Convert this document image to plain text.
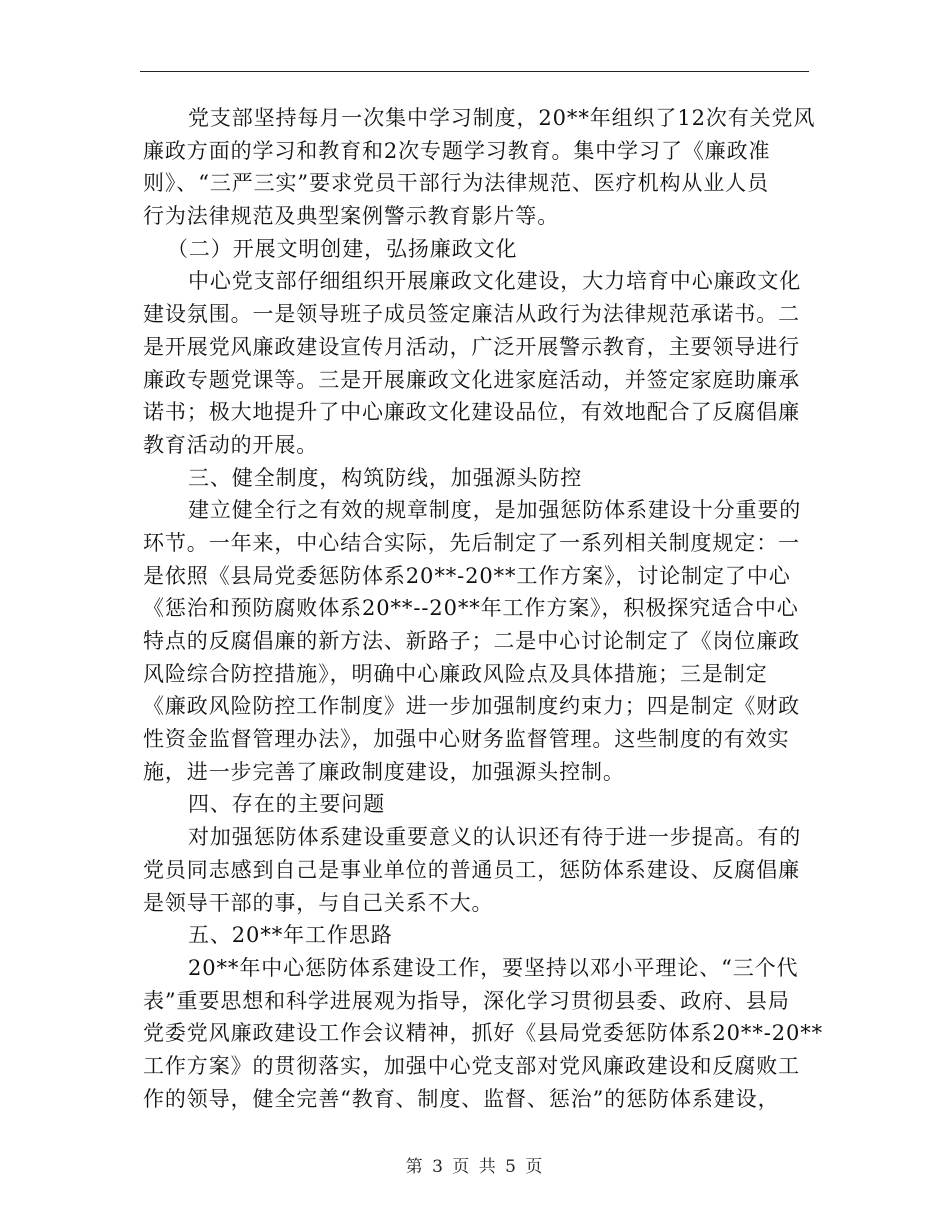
党支部坚持每月一次集中学习制度，20**年组织了12次有关党风
廉政方面的学习和教育和2次专题学习教育。集中学习了《廉政准
则》、“三严三实”要求党员干部行为法律规范、医疗机构从业人员
行为法律规范及典型案例警示教育影片等。
（二）开展文明创建，弘扬廉政文化
中心党支部仔细组织开展廉政文化建设，大力培育中心廉政文化
建设氛围。一是领导班子成员签定廉洁从政行为法律规范承诺书。二
是开展党风廉政建设宣传月活动，广泛开展警示教育，主要领导进行
廉政专题党课等。三是开展廉政文化进家庭活动，并签定家庭助廉承
诺书；极大地提升了中心廉政文化建设品位，有效地配合了反腐倡廉
教育活动的开展。
三、健全制度，构筑防线，加强源头防控
建立健全行之有效的规章制度，是加强惩防体系建设十分重要的
环节。一年来，中心结合实际，先后制定了一系列相关制度规定：一
是依照《县局党委惩防体系20**-20**工作方案》，讨论制定了中心
《惩治和预防腐败体系20**--20**年工作方案》，积极探究适合中心
特点的反腐倡廉的新方法、新路子；二是中心讨论制定了《岗位廉政
风险综合防控措施》，明确中心廉政风险点及具体措施；三是制定
《廉政风险防控工作制度》进一步加强制度约束力；四是制定《财政
性资金监督管理办法》，加强中心财务监督管理。这些制度的有效实
施，进一步完善了廉政制度建设，加强源头控制。
四、存在的主要问题
对加强惩防体系建设重要意义的认识还有待于进一步提高。有的
党员同志感到自己是事业单位的普通员工，惩防体系建设、反腐倡廉
是领导干部的事，与自己关系不大。
五、20**年工作思路
20**年中心惩防体系建设工作，要坚持以邓小平理论、“三个代
表”重要思想和科学进展观为指导，深化学习贯彻县委、政府、县局
党委党风廉政建设工作会议精神，抓好《县局党委惩防体系20**-20**
工作方案》的贯彻落实，加强中心党支部对党风廉政建设和反腐败工
作的领导，健全完善“教育、制度、监督、惩治”的惩防体系建设，
第 3 页 共 5 页
